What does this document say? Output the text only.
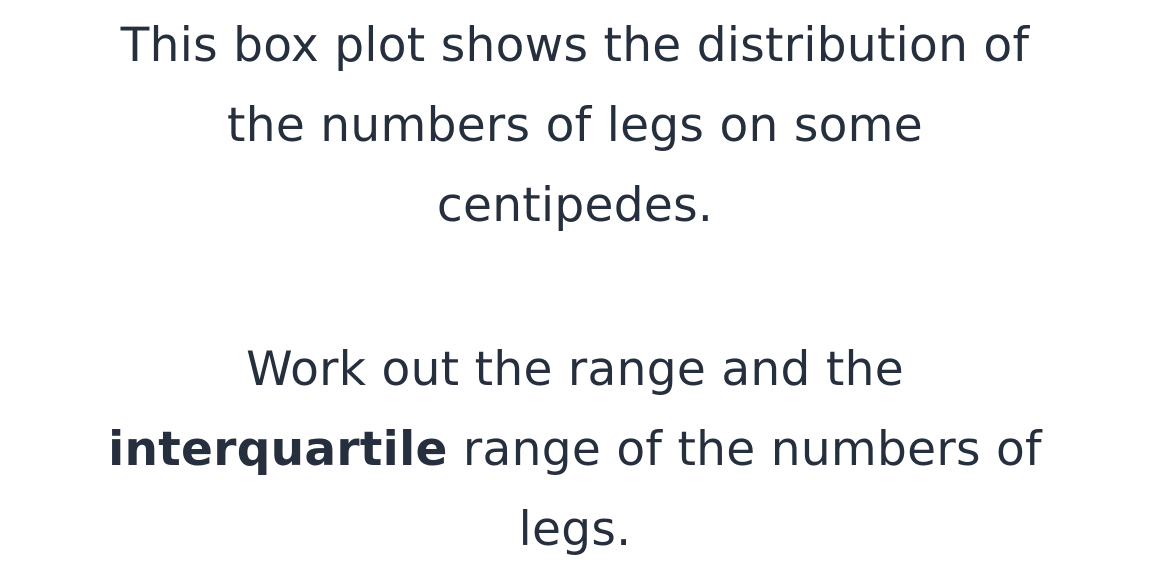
This box plot shows the distribution of
the numbers of legs on some
centipedes.

Work out the range and the
interquartile range of the numbers of
legs.
